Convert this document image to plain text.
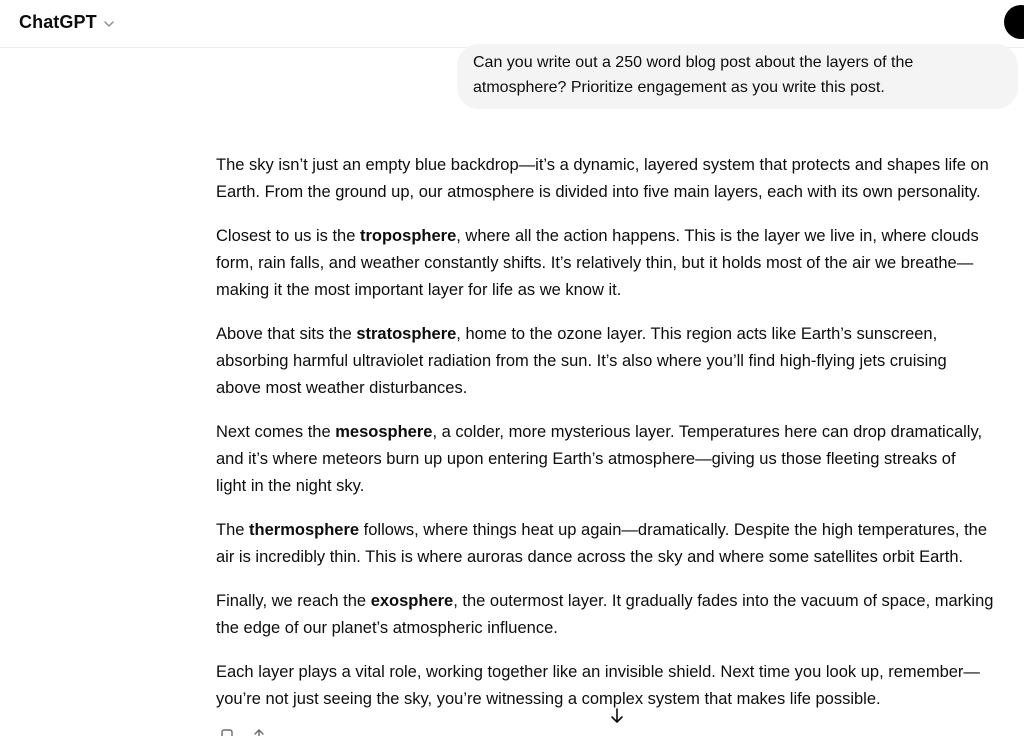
ChatGPT
Can you write out a 250 word blog post about the layers of the
atmosphere? Prioritize engagement as you write this post.

The sky isn’t just an empty blue backdrop—it’s a dynamic, layered system that protects and shapes life on
Earth. From the ground up, our atmosphere is divided into five main layers, each with its own personality.

Closest to us is the troposphere, where all the action happens. This is the layer we live in, where clouds
form, rain falls, and weather constantly shifts. It’s relatively thin, but it holds most of the air we breathe—
making it the most important layer for life as we know it.

Above that sits the stratosphere, home to the ozone layer. This region acts like Earth’s sunscreen,
absorbing harmful ultraviolet radiation from the sun. It’s also where you’ll find high-flying jets cruising
above most weather disturbances.

Next comes the mesosphere, a colder, more mysterious layer. Temperatures here can drop dramatically,
and it’s where meteors burn up upon entering Earth’s atmosphere—giving us those fleeting streaks of
light in the night sky.

The thermosphere follows, where things heat up again—dramatically. Despite the high temperatures, the
air is incredibly thin. This is where auroras dance across the sky and where some satellites orbit Earth.

Finally, we reach the exosphere, the outermost layer. It gradually fades into the vacuum of space, marking
the edge of our planet’s atmospheric influence.

Each layer plays a vital role, working together like an invisible shield. Next time you look up, remember—
you’re not just seeing the sky, you’re witnessing a complex system that makes life possible.
